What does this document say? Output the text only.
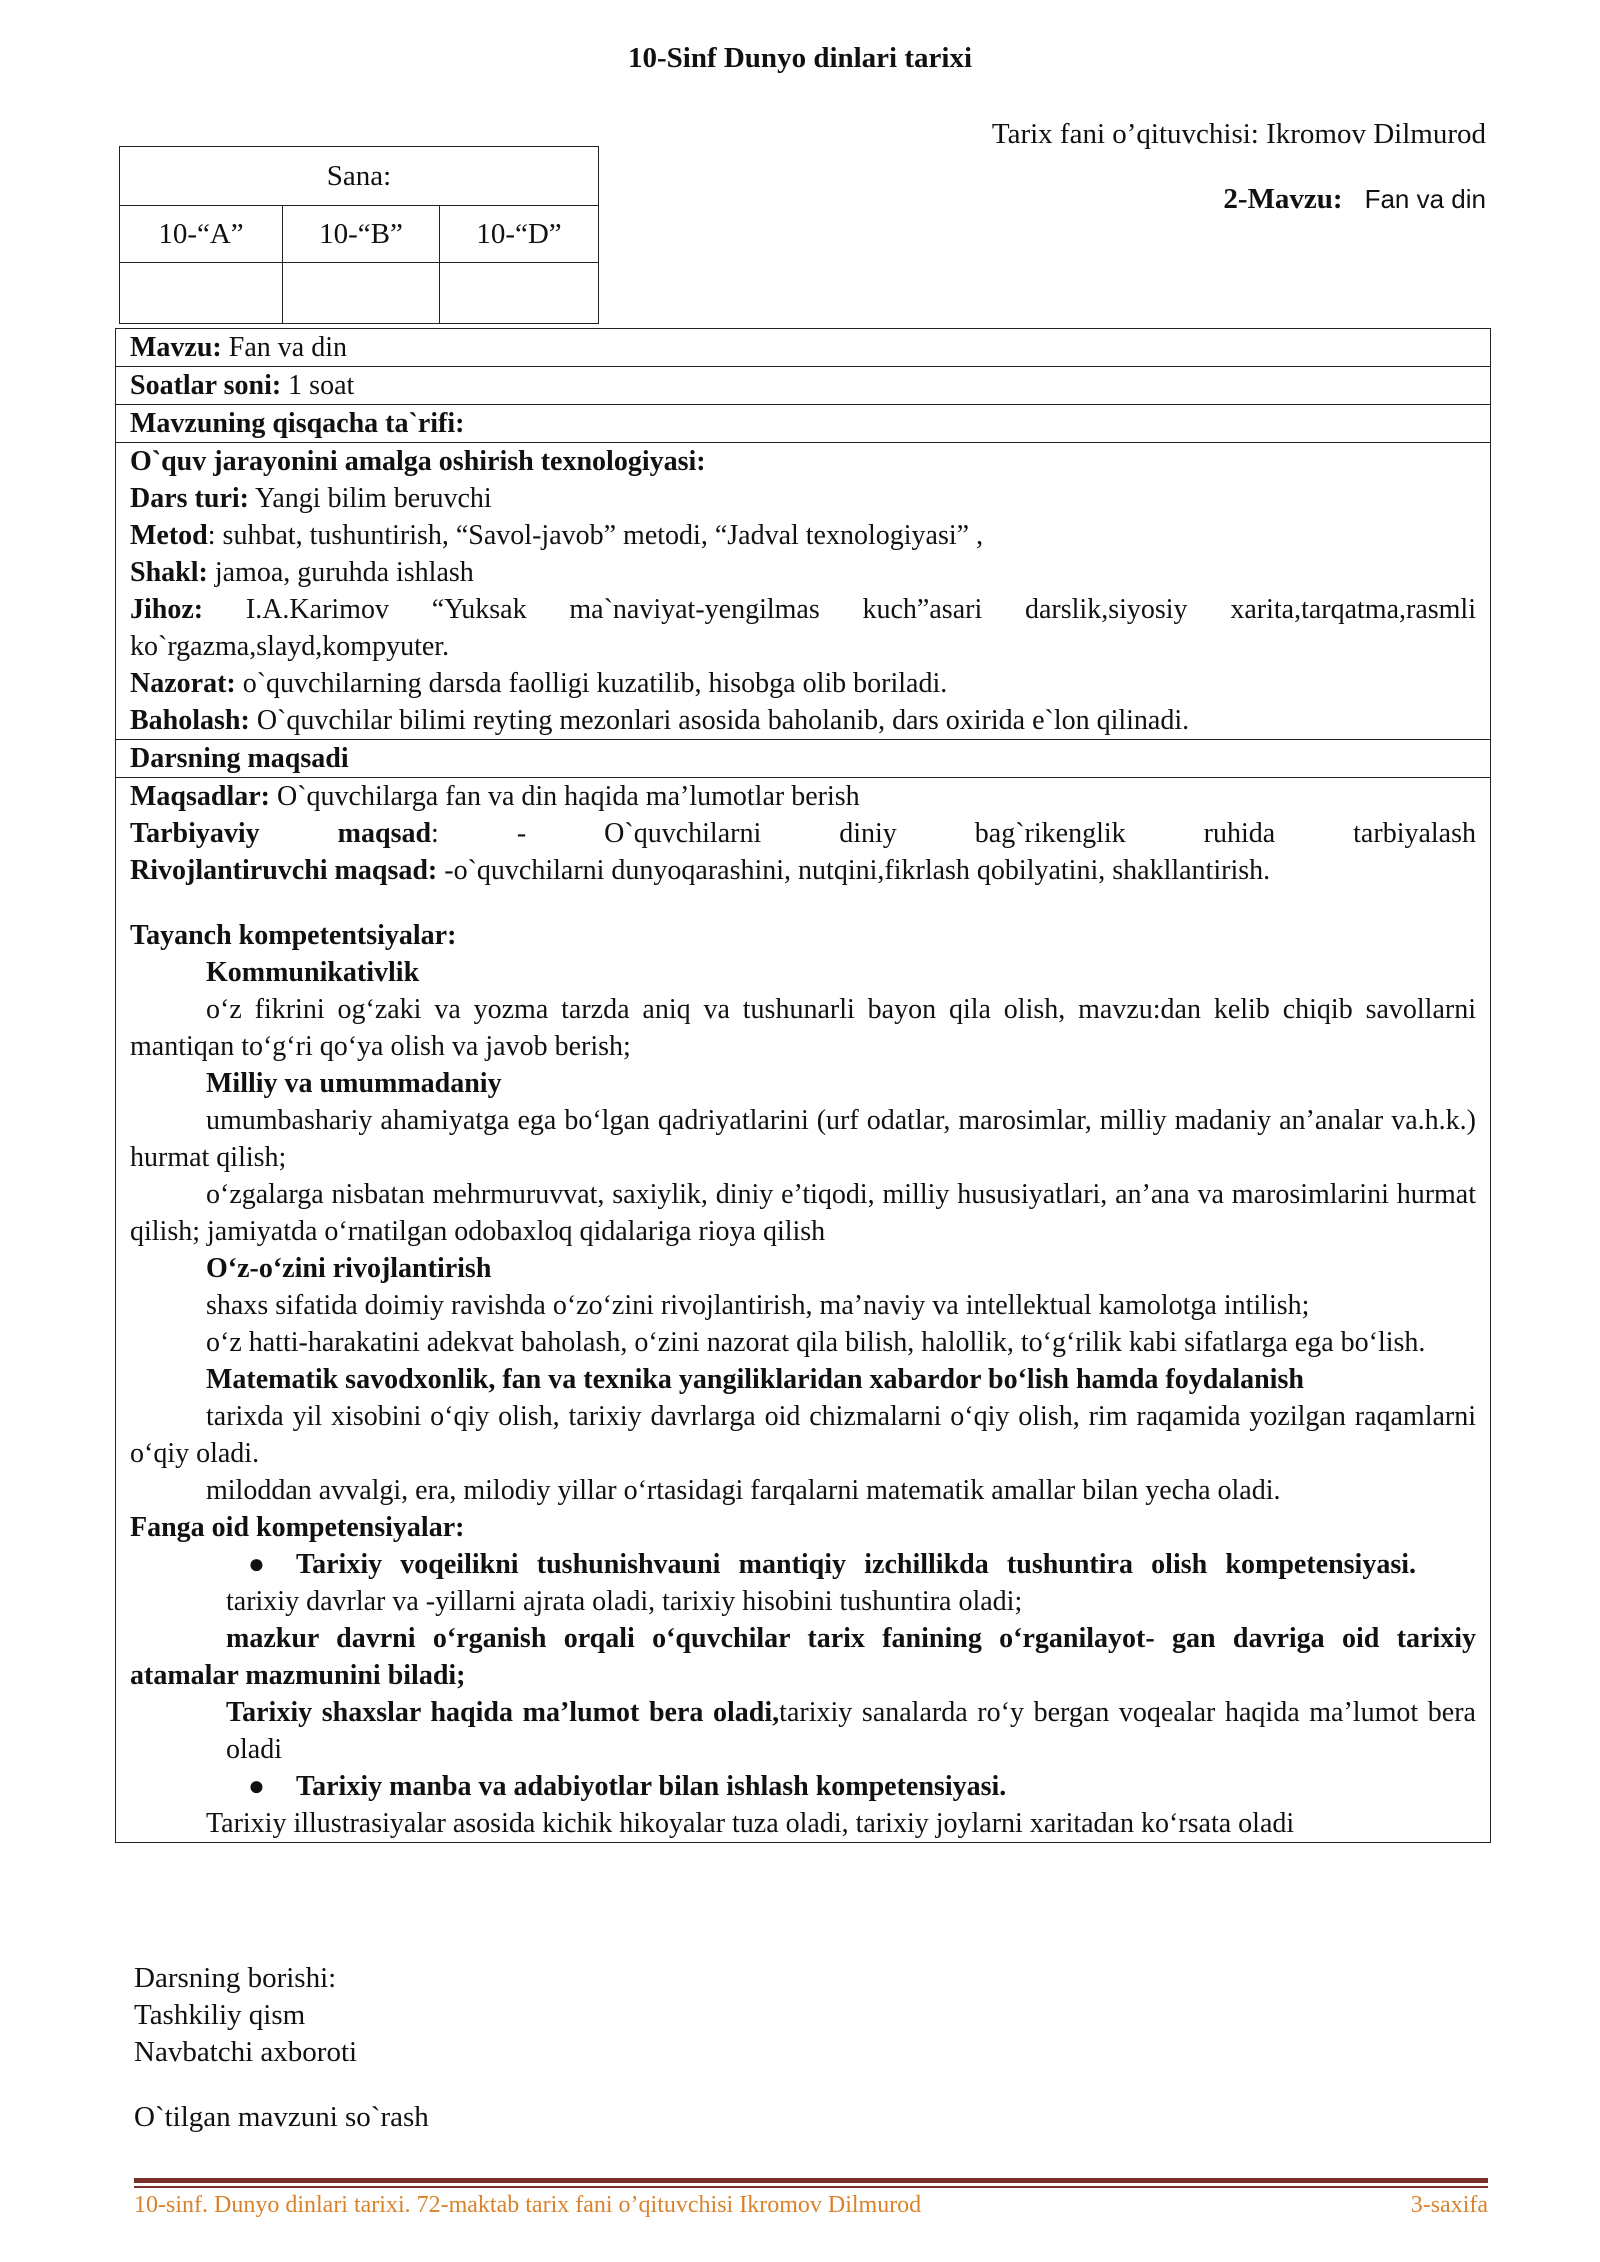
10-Sinf Dunyo dinlari tarixi
Tarix fani o’qituvchisi: Ikromov Dilmurod
2-Mavzu: Fan va din
Sana:		
10-“A”	10-“B”	10-“D”

Mavzu: Fan va din
Soatlar soni: 1 soat
Mavzuning qisqacha ta`rifi:

O`quv jarayonini amalga oshirish texnologiyasi:

Dars turi: Yangi bilim beruvchi

Metod: suhbat, tushuntirish, “Savol-javob” metodi, “Jadval texnologiyasi” ,

Shakl: jamoa, guruhda ishlash

Jihoz: I.A.Karimov “Yuksak ma`naviyat-yengilmas kuch”asari darslik,siyosiy xarita,tarqatma,rasmli ko`rgazma,slayd,kompyuter.

Nazorat: o`quvchilarning darsda faolligi kuzatilib, hisobga olib boriladi.

Baholash: O`quvchilar bilimi reyting mezonlari asosida baholanib, dars oxirida e`lon qilinadi.

Darsning maqsadi

Maqsadlar: O`quvchilarga fan va din haqida ma’lumotlar berish

Tarbiyaviy	maqsad:	-	O`quvchilarni	diniy	bag`rikenglik	ruhida	tarbiyalash

Rivojlantiruvchi maqsad: -o`quvchilarni dunyoqarashini, nutqini,fikrlash qobilyatini, shakllantirish.

Tayanch kompetentsiyalar:

Kommunikativlik

o‘z fikrini og‘zaki va yozma tarzda aniq va tushunarli bayon qila olish, mavzu:dan kelib chiqib savollarni mantiqan to‘g‘ri qo‘ya olish va javob berish;

Milliy va umummadaniy

umumbashariy ahamiyatga ega bo‘lgan qadriyatlarini (urf odatlar, marosimlar, milliy madaniy an’analar va.h.k.) hurmat qilish;

o‘zgalarga nisbatan mehrmuruvvat, saxiylik, diniy e’tiqodi, milliy hususiyatlari, an’ana va marosimlarini hurmat qilish; jamiyatda o‘rnatilgan odobaxloq qidalariga rioya qilish

O‘z-o‘zini rivojlantirish

shaxs sifatida doimiy ravishda o‘zo‘zini rivojlantirish, ma’naviy va intellektual kamolotga intilish;

o‘z hatti-harakatini adekvat baholash, o‘zini nazorat qila bilish, halollik, to‘g‘rilik kabi sifatlarga ega bo‘lish.

Matematik savodxonlik, fan va texnika yangiliklaridan xabardor bo‘lish hamda foydalanish

tarixda yil xisobini o‘qiy olish, tarixiy davrlarga oid chizmalarni o‘qiy olish, rim raqamida yozilgan raqamlarni o‘qiy oladi.

miloddan avvalgi, era, milodiy yillar o‘rtasidagi farqalarni matematik amallar bilan yecha oladi.

Fanga oid kompetensiyalar:

●	Tarixiy voqeilikni tushunishvauni mantiqiy izchillikda tushuntira olish kompetensiyasi.

tarixiy davrlar va -yillarni ajrata oladi, tarixiy hisobini tushuntira oladi;

mazkur davrni o‘rganish orqali o‘quvchilar tarix fanining o‘rganilayot- gan davriga oid tarixiy atamalar mazmunini biladi;

Tarixiy shaxslar haqida ma’lumot bera oladi,tarixiy sanalarda ro‘y bergan voqealar haqida ma’lumot bera oladi

●	Tarixiy manba va adabiyotlar bilan ishlash kompetensiyasi.

Tarixiy illustrasiyalar asosida kichik hikoyalar tuza oladi, tarixiy joylarni xaritadan ko‘rsata oladi

Darsning borishi:
Tashkiliy qism
Navbatchi axboroti
O`tilgan mavzuni so`rash
10-sinf. Dunyo dinlari tarixi. 72-maktab tarix fani o’qituvchisi Ikromov Dilmurod	3-saxifa
